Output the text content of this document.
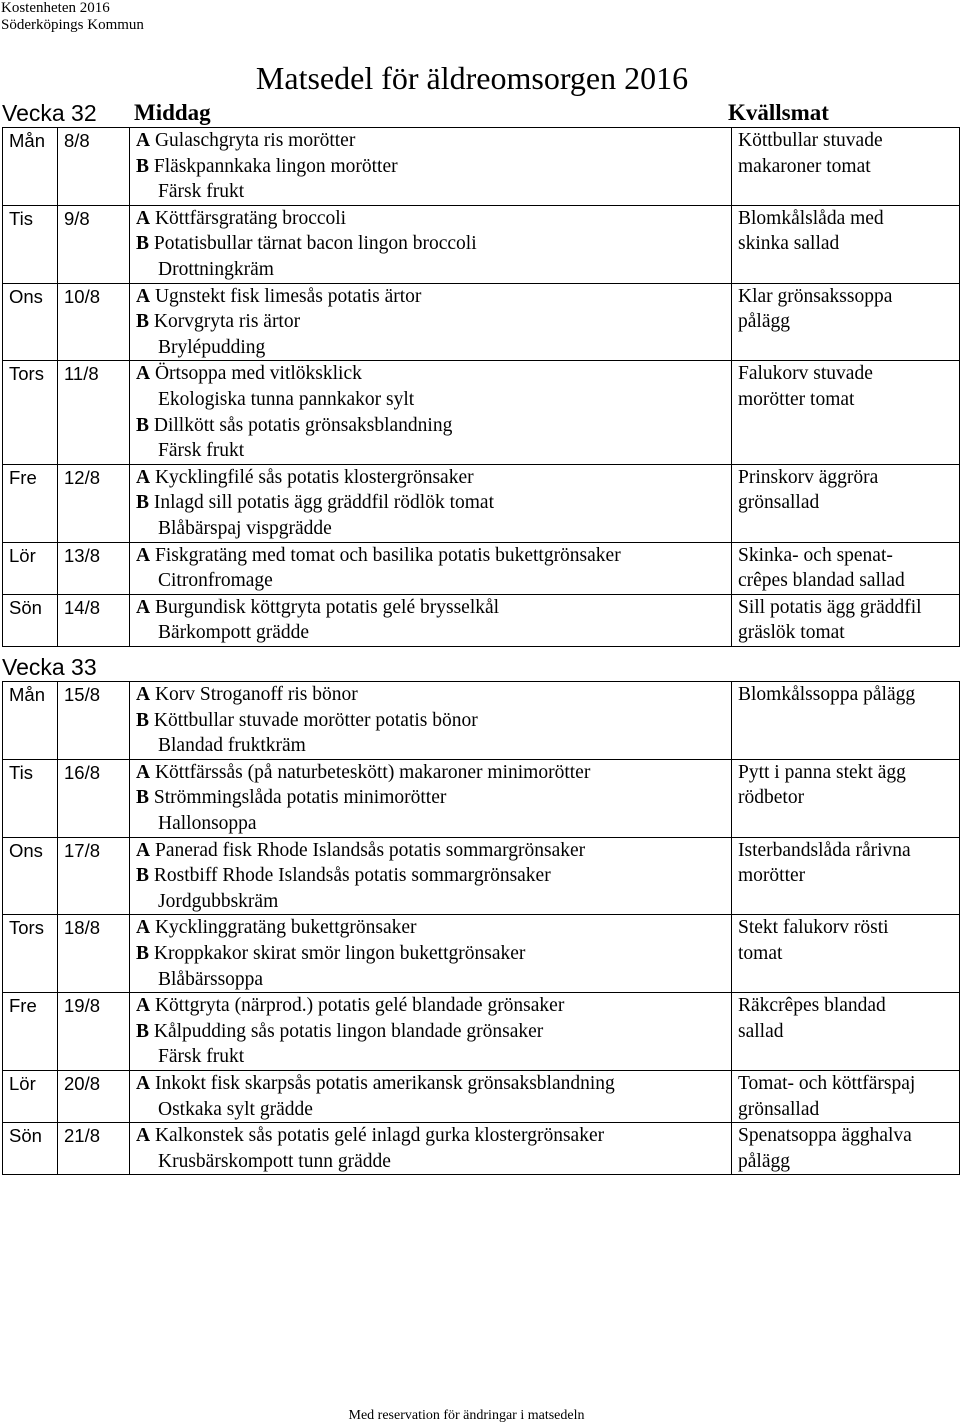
Kostenheten 2016
Söderköpings Kommun
Matsedel för äldreomsorgen 2016
Vecka 32 Middag	Kvällsmat
Mån	8/8	A Gulaschgryta ris morötter
B Fläskpannkaka lingon morötter
Färsk frukt	Köttbullar stuvade
makaroner tomat

Tis	9/8	A Köttfärsgratäng broccoli
B Potatisbullar tärnat bacon lingon broccoli
Drottningkräm	Blomkålslåda med
skinka sallad

Ons	10/8	A Ugnstekt fisk limesås potatis ärtor
B Korvgryta ris ärtor
Brylépudding	Klar grönsakssoppa
pålägg

Tors	11/8	A Örtsoppa med vitlöksklick
Ekologiska tunna pannkakor sylt
B Dillkött sås potatis grönsaksblandning
Färsk frukt	Falukorv stuvade
morötter tomat

Fre	12/8	A Kycklingfilé sås potatis klostergrönsaker
B Inlagd sill potatis ägg gräddfil rödlök tomat
Blåbärspaj vispgrädde	Prinskorv äggröra
grönsallad

Lör	13/8	A Fiskgratäng med tomat och basilika potatis bukettgrönsaker
Citronfromage	Skinka- och spenat-
crêpes blandad sallad

Sön	14/8	A Burgundisk köttgryta potatis gelé brysselkål
Bärkompott grädde	Sill potatis ägg gräddfil
gräslök tomat
Vecka 33
Mån	15/8	A Korv Stroganoff ris bönor
B Köttbullar stuvade morötter potatis bönor
Blandad fruktkräm	Blomkålssoppa pålägg

Tis	16/8	A Köttfärssås (på naturbeteskött) makaroner minimorötter
B Strömmingslåda potatis minimorötter
Hallonsoppa	Pytt i panna stekt ägg
rödbetor

Ons	17/8	A Panerad fisk Rhode Islandsås potatis sommargrönsaker
B Rostbiff Rhode Islandsås potatis sommargrönsaker
Jordgubbskräm	Isterbandslåda rårivna
morötter

Tors	18/8	A Kycklinggratäng bukettgrönsaker
B Kroppkakor skirat smör lingon bukettgrönsaker
Blåbärssoppa	Stekt falukorv rösti
tomat

Fre	19/8	A Köttgryta (närprod.) potatis gelé blandade grönsaker
B Kålpudding sås potatis lingon blandade grönsaker
Färsk frukt	Räkcrêpes blandad
sallad

Lör	20/8	A Inkokt fisk skarpsås potatis amerikansk grönsaksblandning
Ostkaka sylt grädde	Tomat- och köttfärspaj
grönsallad

Sön	21/8	A Kalkonstek sås potatis gelé inlagd gurka klostergrönsaker
Krusbärskompott tunn grädde	Spenatsoppa ägghalva
pålägg
Med reservation för ändringar i matsedeln
